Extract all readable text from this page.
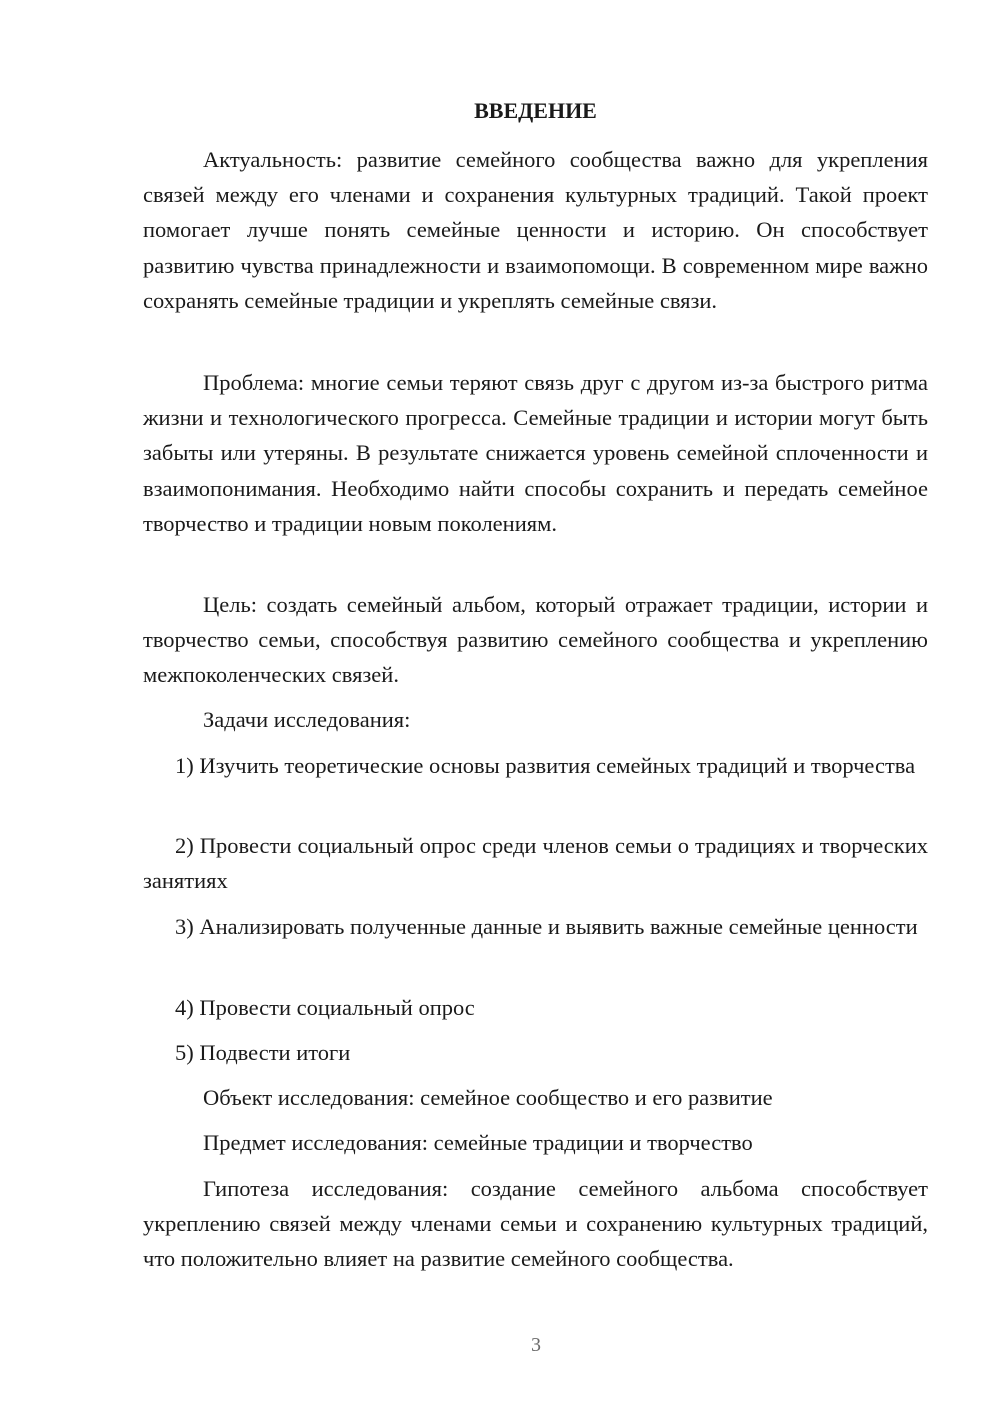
ВВЕДЕНИЕ

Актуальность: развитие семейного сообщества важно для укрепления связей между его членами и сохранения культурных традиций. Такой проект помогает лучше понять семейные ценности и историю. Он способствует развитию чувства принадлежности и взаимопомощи. В современном мире важно сохранять семейные традиции и укреплять семейные связи.

Проблема: многие семьи теряют связь друг с другом из-за быстрого ритма жизни и технологического прогресса. Семейные традиции и истории могут быть забыты или утеряны. В результате снижается уровень семейной сплоченности и взаимопонимания. Необходимо найти способы сохранить и передать семейное творчество и традиции новым поколениям.

Цель: создать семейный альбом, который отражает традиции, истории и творчество семьи, способствуя развитию семейного сообщества и укреплению межпоколенческих связей.

Задачи исследования:

1) Изучить теоретические основы развития семейных традиций и творчества

2) Провести социальный опрос среди членов семьи о традициях и творческих занятиях

3) Анализировать полученные данные и выявить важные семейные ценности

4) Провести социальный опрос

5) Подвести итоги

Объект исследования: семейное сообщество и его развитие

Предмет исследования: семейные традиции и творчество

Гипотеза исследования: создание семейного альбома способствует укреплению связей между членами семьи и сохранению культурных традиций, что положительно влияет на развитие семейного сообщества.

3
